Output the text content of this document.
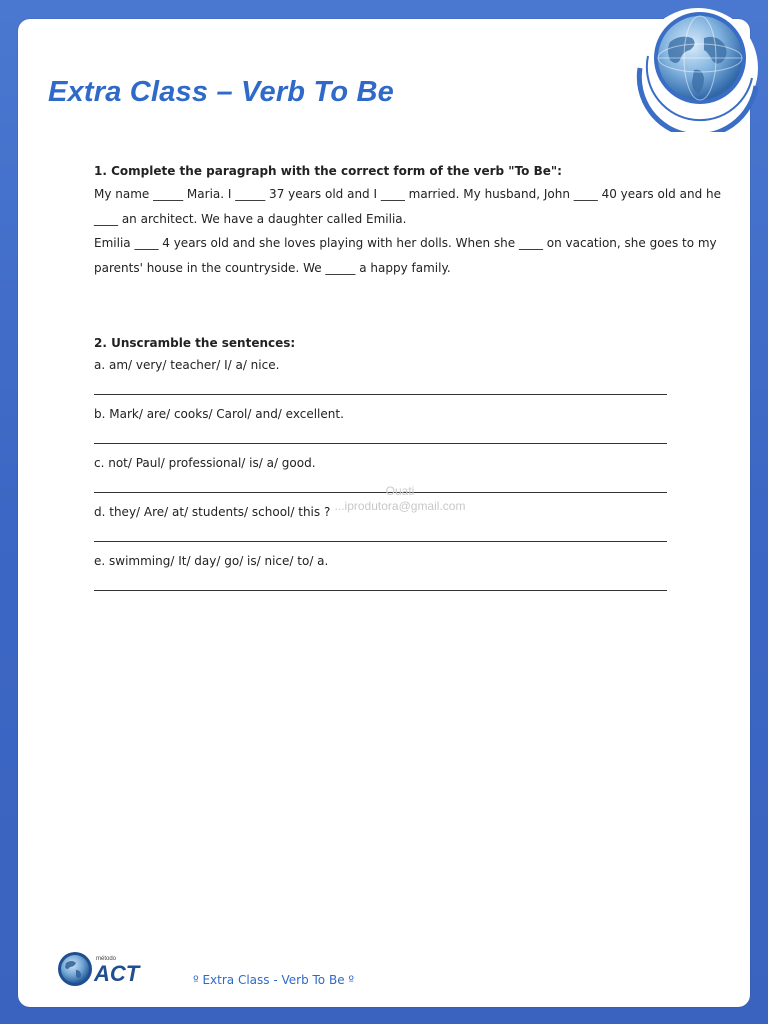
Extra Class – Verb To Be

1. Complete the paragraph with the correct form of the verb "To Be":

My name _____ Maria. I _____ 37 years old and I ____ married. My husband, John ____ 40 years old and he

____ an architect. We have a daughter called Emilia.

Emilia ____ 4 years old and she loves playing with her dolls. When she ____ on vacation, she goes to my

parents' house in the countryside. We _____ a happy family.

2. Unscramble the sentences:

a. am/ very/ teacher/ I/ a/ nice.
b. Mark/ are/ cooks/ Carol/ and/ excellent.
c. not/ Paul/ professional/ is/ a/ good.
d. they/ Are/ at/ students/ school/ this ?
e. swimming/ It/ day/ go/ is/ nice/ to/ a.
Ouati
...iprodutora@gmail.com
método
ACT	º Extra Class - Verb To Be º
